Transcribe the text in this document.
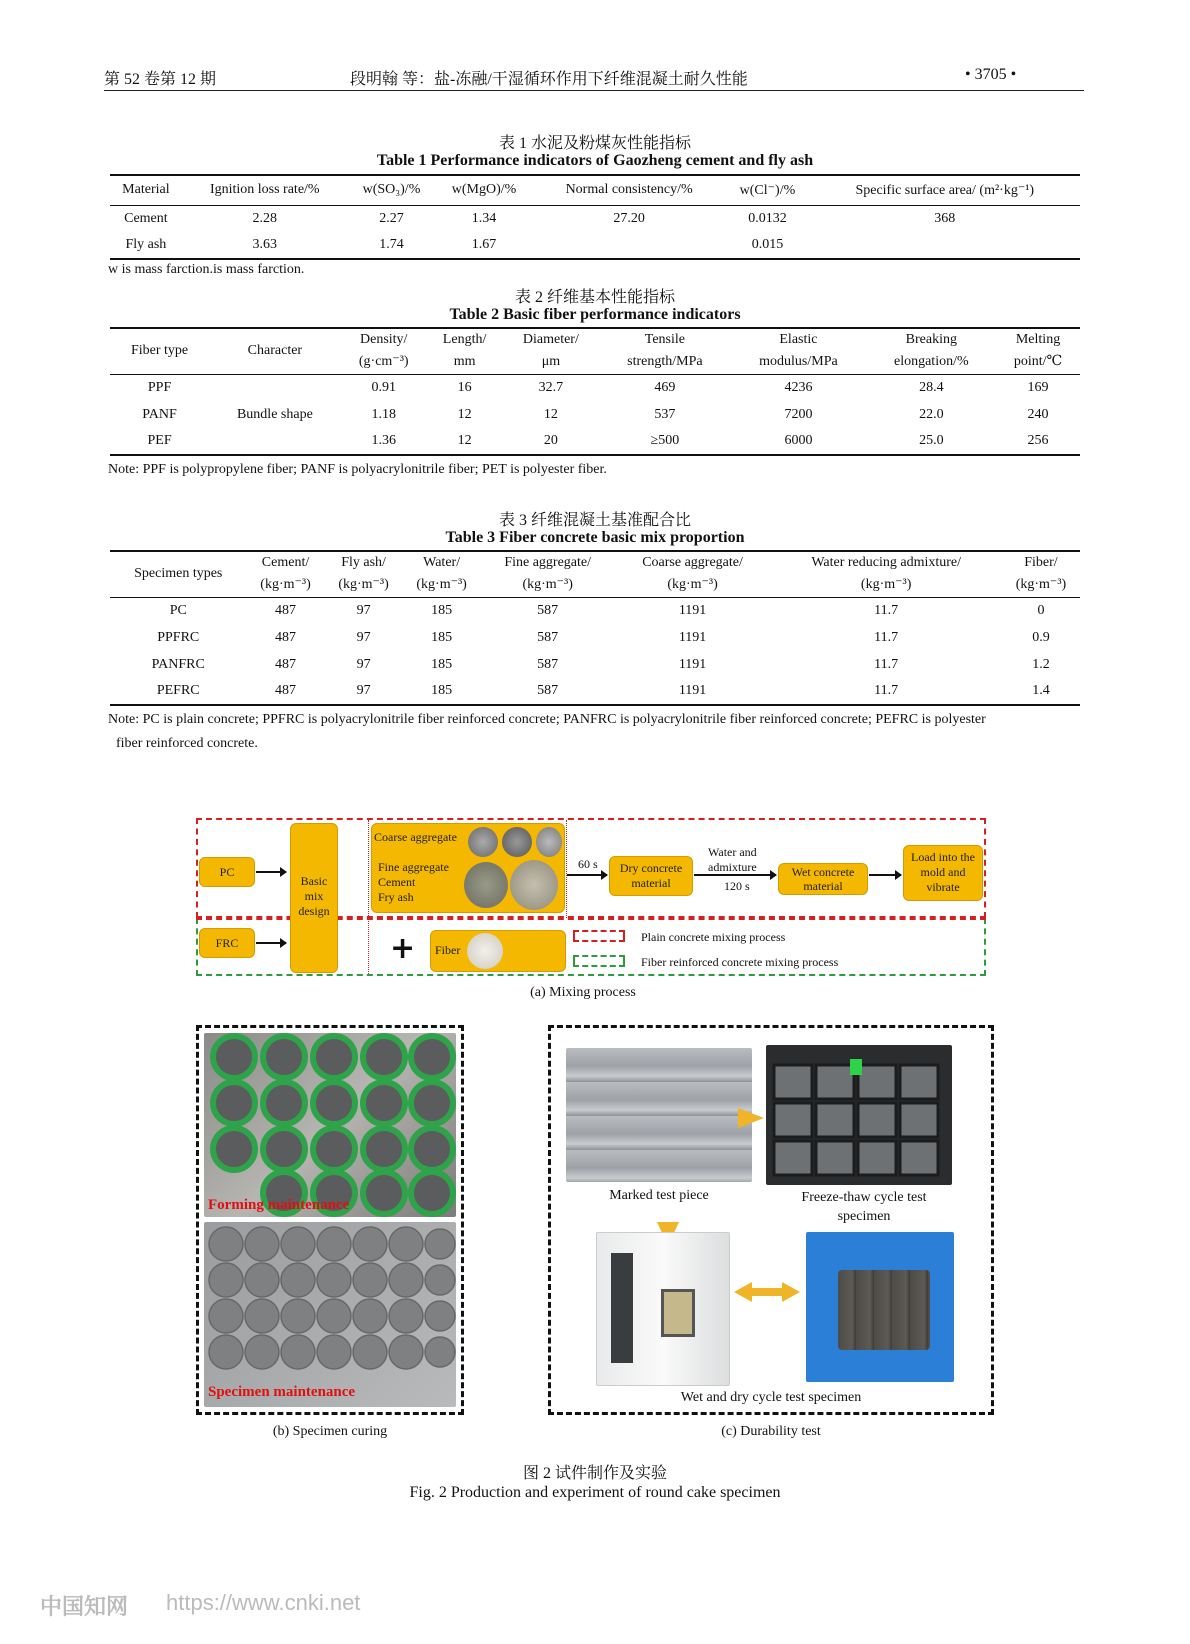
第 52 卷第 12 期	段明翰 等：盐-冻融/干湿循环作用下纤维混凝土耐久性能	• 3705 •
表 1 水泥及粉煤灰性能指标
Table 1 Performance indicators of Gaozheng cement and fly ash
Material	Ignition loss rate/%	w(SO₃)/%	w(MgO)/%	Normal consistency/%	w(Cl⁻)/%	Specific surface area/ (m²·kg⁻¹)
Cement	2.28	2.27	1.34	27.20	0.0132	368
Fly ash	3.63	1.74	1.67		0.015	
w is mass farction.is mass farction.
表 2 纤维基本性能指标
Table 2 Basic fiber performance indicators
Fiber type	Character	Density/	Length/	Diameter/	Tensile	Elastic	Breaking	Melting
		(g·cm⁻³)	mm	μm	strength/MPa	modulus/MPa	elongation/%	point/℃
PPF		0.91	16	32.7	469	4236	28.4	169
PANF	Bundle shape	1.18	12	12	537	7200	22.0	240
PEF		1.36	12	20	≥500	6000	25.0	256
Note: PPF is polypropylene fiber; PANF is polyacrylonitrile fiber; PET is polyester fiber.
表 3 纤维混凝土基准配合比
Table 3 Fiber concrete basic mix proportion
Specimen types	Cement/	Fly ash/	Water/	Fine aggregate/	Coarse aggregate/	Water reducing admixture/	Fiber/
	(kg·m⁻³)	(kg·m⁻³)	(kg·m⁻³)	(kg·m⁻³)	(kg·m⁻³)	(kg·m⁻³)	(kg·m⁻³)
PC	487	97	185	587	1191	11.7	0
PPFRC	487	97	185	587	1191	11.7	0.9
PANFRC	487	97	185	587	1191	11.7	1.2
PEFRC	487	97	185	587	1191	11.7	1.4
Note: PC is plain concrete; PPFRC is polyacrylonitrile fiber reinforced concrete; PANFRC is polyacrylonitrile fiber reinforced concrete; PEFRC is polyester
fiber reinforced concrete.
PC
FRC
Basic mix design
Coarse aggregate
Fine aggregate
Cement
Fry ash
60 s	Dry concrete material
Water and
admixture
120 s
Wet concrete material
Load into the mold and vibrate
+	Fiber
Plain concrete mixing process
Fiber reinforced concrete mixing process
(a) Mixing process
Forming maintenance
Specimen maintenance
(b) Specimen curing
Marked test piece	Freeze-thaw cycle test specimen
Wet and dry cycle test specimen
(c) Durability test
图 2 试件制作及实验
Fig. 2 Production and experiment of round cake specimen
中国知网 https://www.cnki.net
